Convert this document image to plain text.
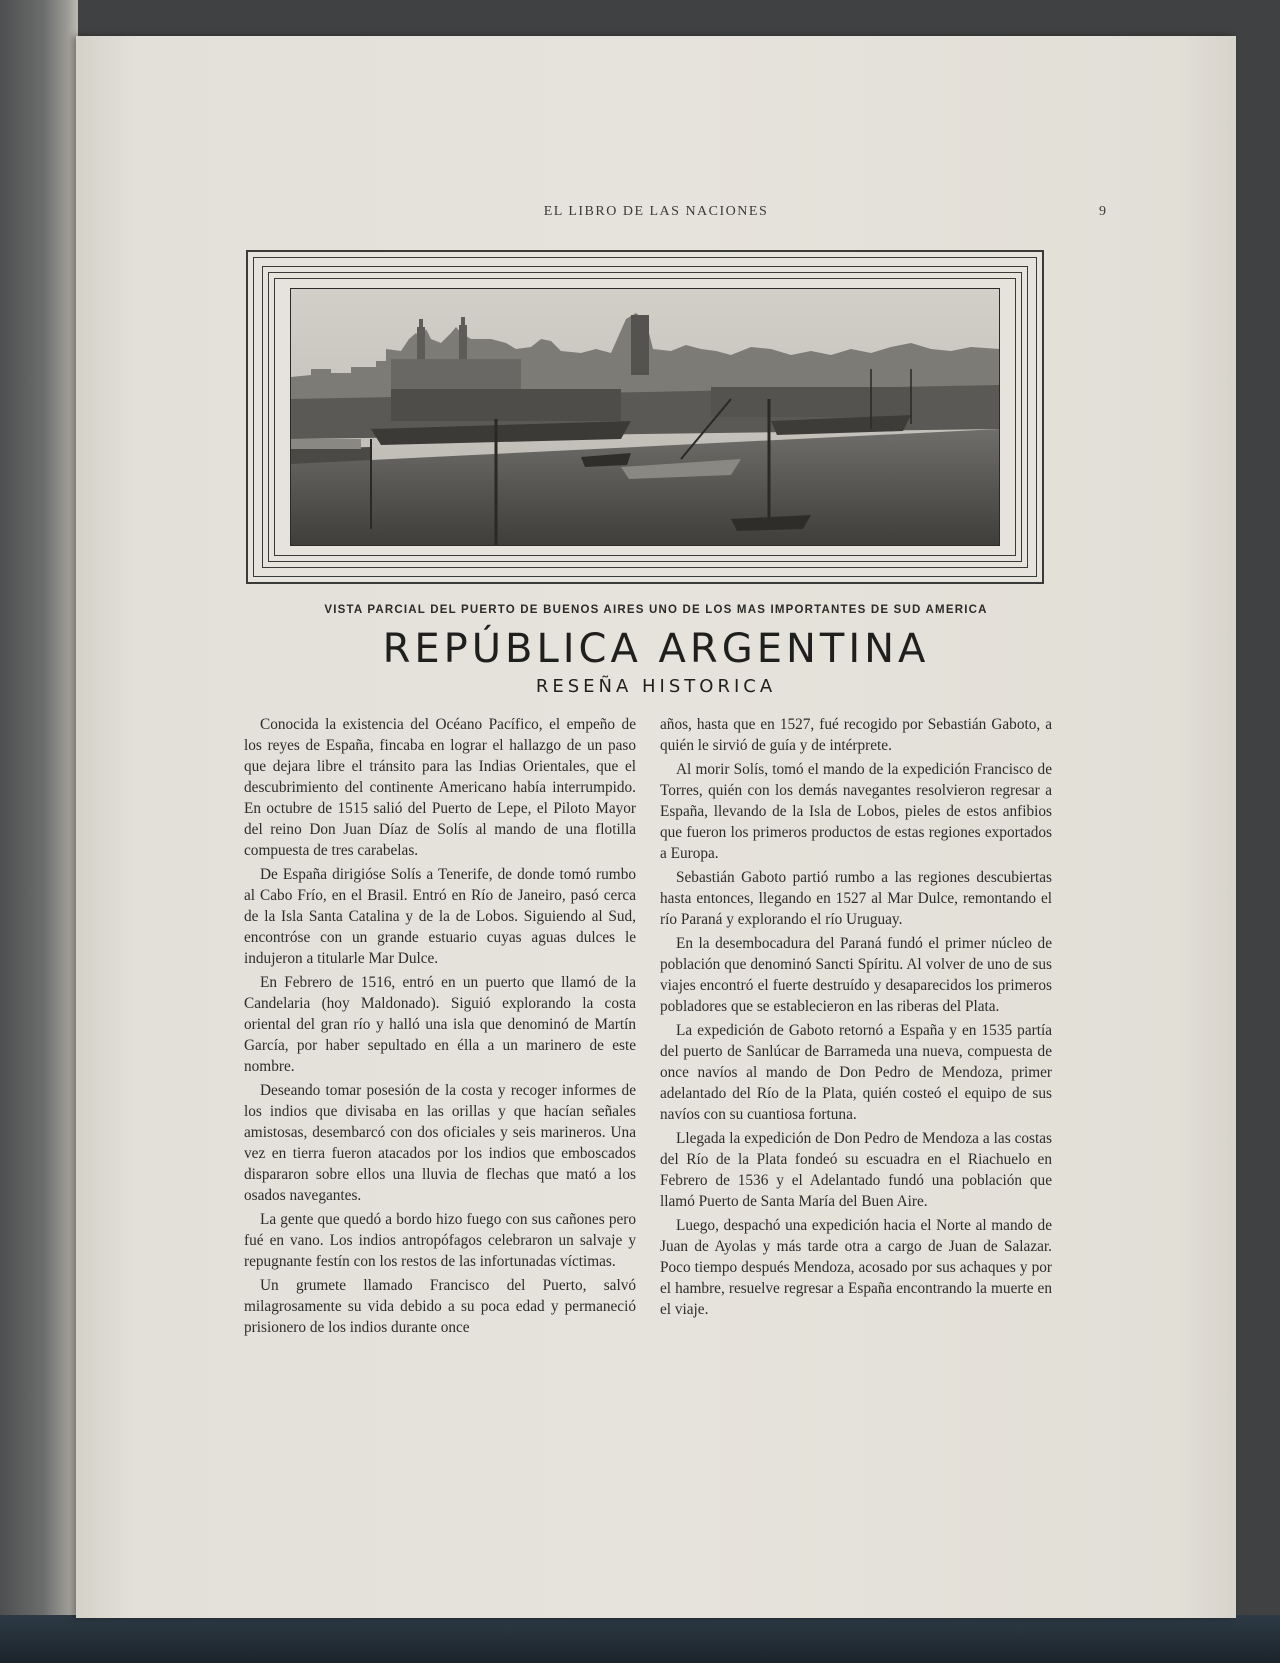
EL LIBRO DE LAS NACIONES	9
VISTA PARCIAL DEL PUERTO DE BUENOS AIRES UNO DE LOS MAS IMPORTANTES DE SUD AMERICA
REPÚBLICA ARGENTINA
RESEÑA HISTORICA

Conocida la existencia del Océano Pacífico, el empeño de los reyes de España, fincaba en lograr el hallazgo de un paso que dejara libre el tránsito para las Indias Orientales, que el descubrimiento del continente Americano había interrumpido. En octubre de 1515 salió del Puerto de Lepe, el Piloto Mayor del reino Don Juan Díaz de Solís al mando de una flotilla compuesta de tres carabelas.

De España dirigióse Solís a Tenerife, de donde tomó rumbo al Cabo Frío, en el Brasil. Entró en Río de Janeiro, pasó cerca de la Isla Santa Catalina y de la de Lobos. Siguiendo al Sud, encontróse con un grande estuario cuyas aguas dulces le indujeron a titularle Mar Dulce.

En Febrero de 1516, entró en un puerto que llamó de la Candelaria (hoy Maldonado). Siguió explorando la costa oriental del gran río y halló una isla que denominó de Martín García, por haber sepultado en élla a un marinero de este nombre.

Deseando tomar posesión de la costa y recoger informes de los indios que divisaba en las orillas y que hacían señales amistosas, desembarcó con dos oficiales y seis marineros. Una vez en tierra fueron atacados por los indios que emboscados dispararon sobre ellos una lluvia de flechas que mató a los osados navegantes.

La gente que quedó a bordo hizo fuego con sus cañones pero fué en vano. Los indios antropófagos celebraron un salvaje y repugnante festín con los restos de las infortunadas víctimas.

Un grumete llamado Francisco del Puerto, salvó milagrosamente su vida debido a su poca edad y permaneció prisionero de los indios durante once

años, hasta que en 1527, fué recogido por Sebastián Gaboto, a quién le sirvió de guía y de intérprete.

Al morir Solís, tomó el mando de la expedición Francisco de Torres, quién con los demás navegantes resolvieron regresar a España, llevando de la Isla de Lobos, pieles de estos anfibios que fueron los primeros productos de estas regiones exportados a Europa.

Sebastián Gaboto partió rumbo a las regiones descubiertas hasta entonces, llegando en 1527 al Mar Dulce, remontando el río Paraná y explorando el río Uruguay.

En la desembocadura del Paraná fundó el primer núcleo de población que denominó Sancti Spíritu. Al volver de uno de sus viajes encontró el fuerte destruído y desaparecidos los primeros pobladores que se establecieron en las riberas del Plata.

La expedición de Gaboto retornó a España y en 1535 partía del puerto de Sanlúcar de Barrameda una nueva, compuesta de once navíos al mando de Don Pedro de Mendoza, primer adelantado del Río de la Plata, quién costeó el equipo de sus navíos con su cuantiosa fortuna.

Llegada la expedición de Don Pedro de Mendoza a las costas del Río de la Plata fondeó su escuadra en el Riachuelo en Febrero de 1536 y el Adelantado fundó una población que llamó Puerto de Santa María del Buen Aire.

Luego, despachó una expedición hacia el Norte al mando de Juan de Ayolas y más tarde otra a cargo de Juan de Salazar. Poco tiempo después Mendoza, acosado por sus achaques y por el hambre, resuelve regresar a España encontrando la muerte en el viaje.
